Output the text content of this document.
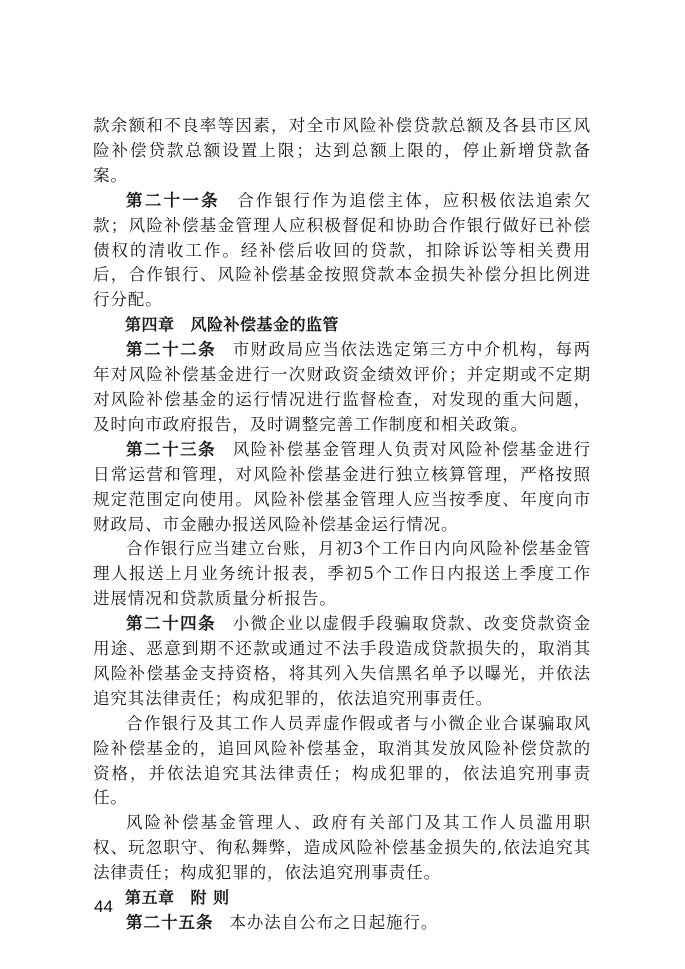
款余额和不良率等因素，对全市风险补偿贷款总额及各县市区风险补偿贷款总额设置上限；达到总额上限的，停止新增贷款备案。

第二十一条 合作银行作为追偿主体，应积极依法追索欠款；风险补偿基金管理人应积极督促和协助合作银行做好已补偿债权的清收工作。经补偿后收回的贷款，扣除诉讼等相关费用后，合作银行、风险补偿基金按照贷款本金损失补偿分担比例进行分配。

第四章 风险补偿基金的监管

第二十二条 市财政局应当依法选定第三方中介机构，每两年对风险补偿基金进行一次财政资金绩效评价；并定期或不定期对风险补偿基金的运行情况进行监督检查，对发现的重大问题，及时向市政府报告，及时调整完善工作制度和相关政策。

第二十三条 风险补偿基金管理人负责对风险补偿基金进行日常运营和管理，对风险补偿基金进行独立核算管理，严格按照规定范围定向使用。风险补偿基金管理人应当按季度、年度向市财政局、市金融办报送风险补偿基金运行情况。

合作银行应当建立台账，月初3个工作日内向风险补偿基金管理人报送上月业务统计报表，季初5个工作日内报送上季度工作进展情况和贷款质量分析报告。

第二十四条 小微企业以虚假手段骗取贷款、改变贷款资金用途、恶意到期不还款或通过不法手段造成贷款损失的，取消其风险补偿基金支持资格，将其列入失信黑名单予以曝光，并依法追究其法律责任；构成犯罪的，依法追究刑事责任。

合作银行及其工作人员弄虚作假或者与小微企业合谋骗取风险补偿基金的，追回风险补偿基金，取消其发放风险补偿贷款的资格，并依法追究其法律责任；构成犯罪的，依法追究刑事责任。

风险补偿基金管理人、政府有关部门及其工作人员滥用职权、玩忽职守、徇私舞弊，造成风险补偿基金损失的,依法追究其法律责任；构成犯罪的，依法追究刑事责任。

第五章 附 则

第二十五条 本办法自公布之日起施行。

44
